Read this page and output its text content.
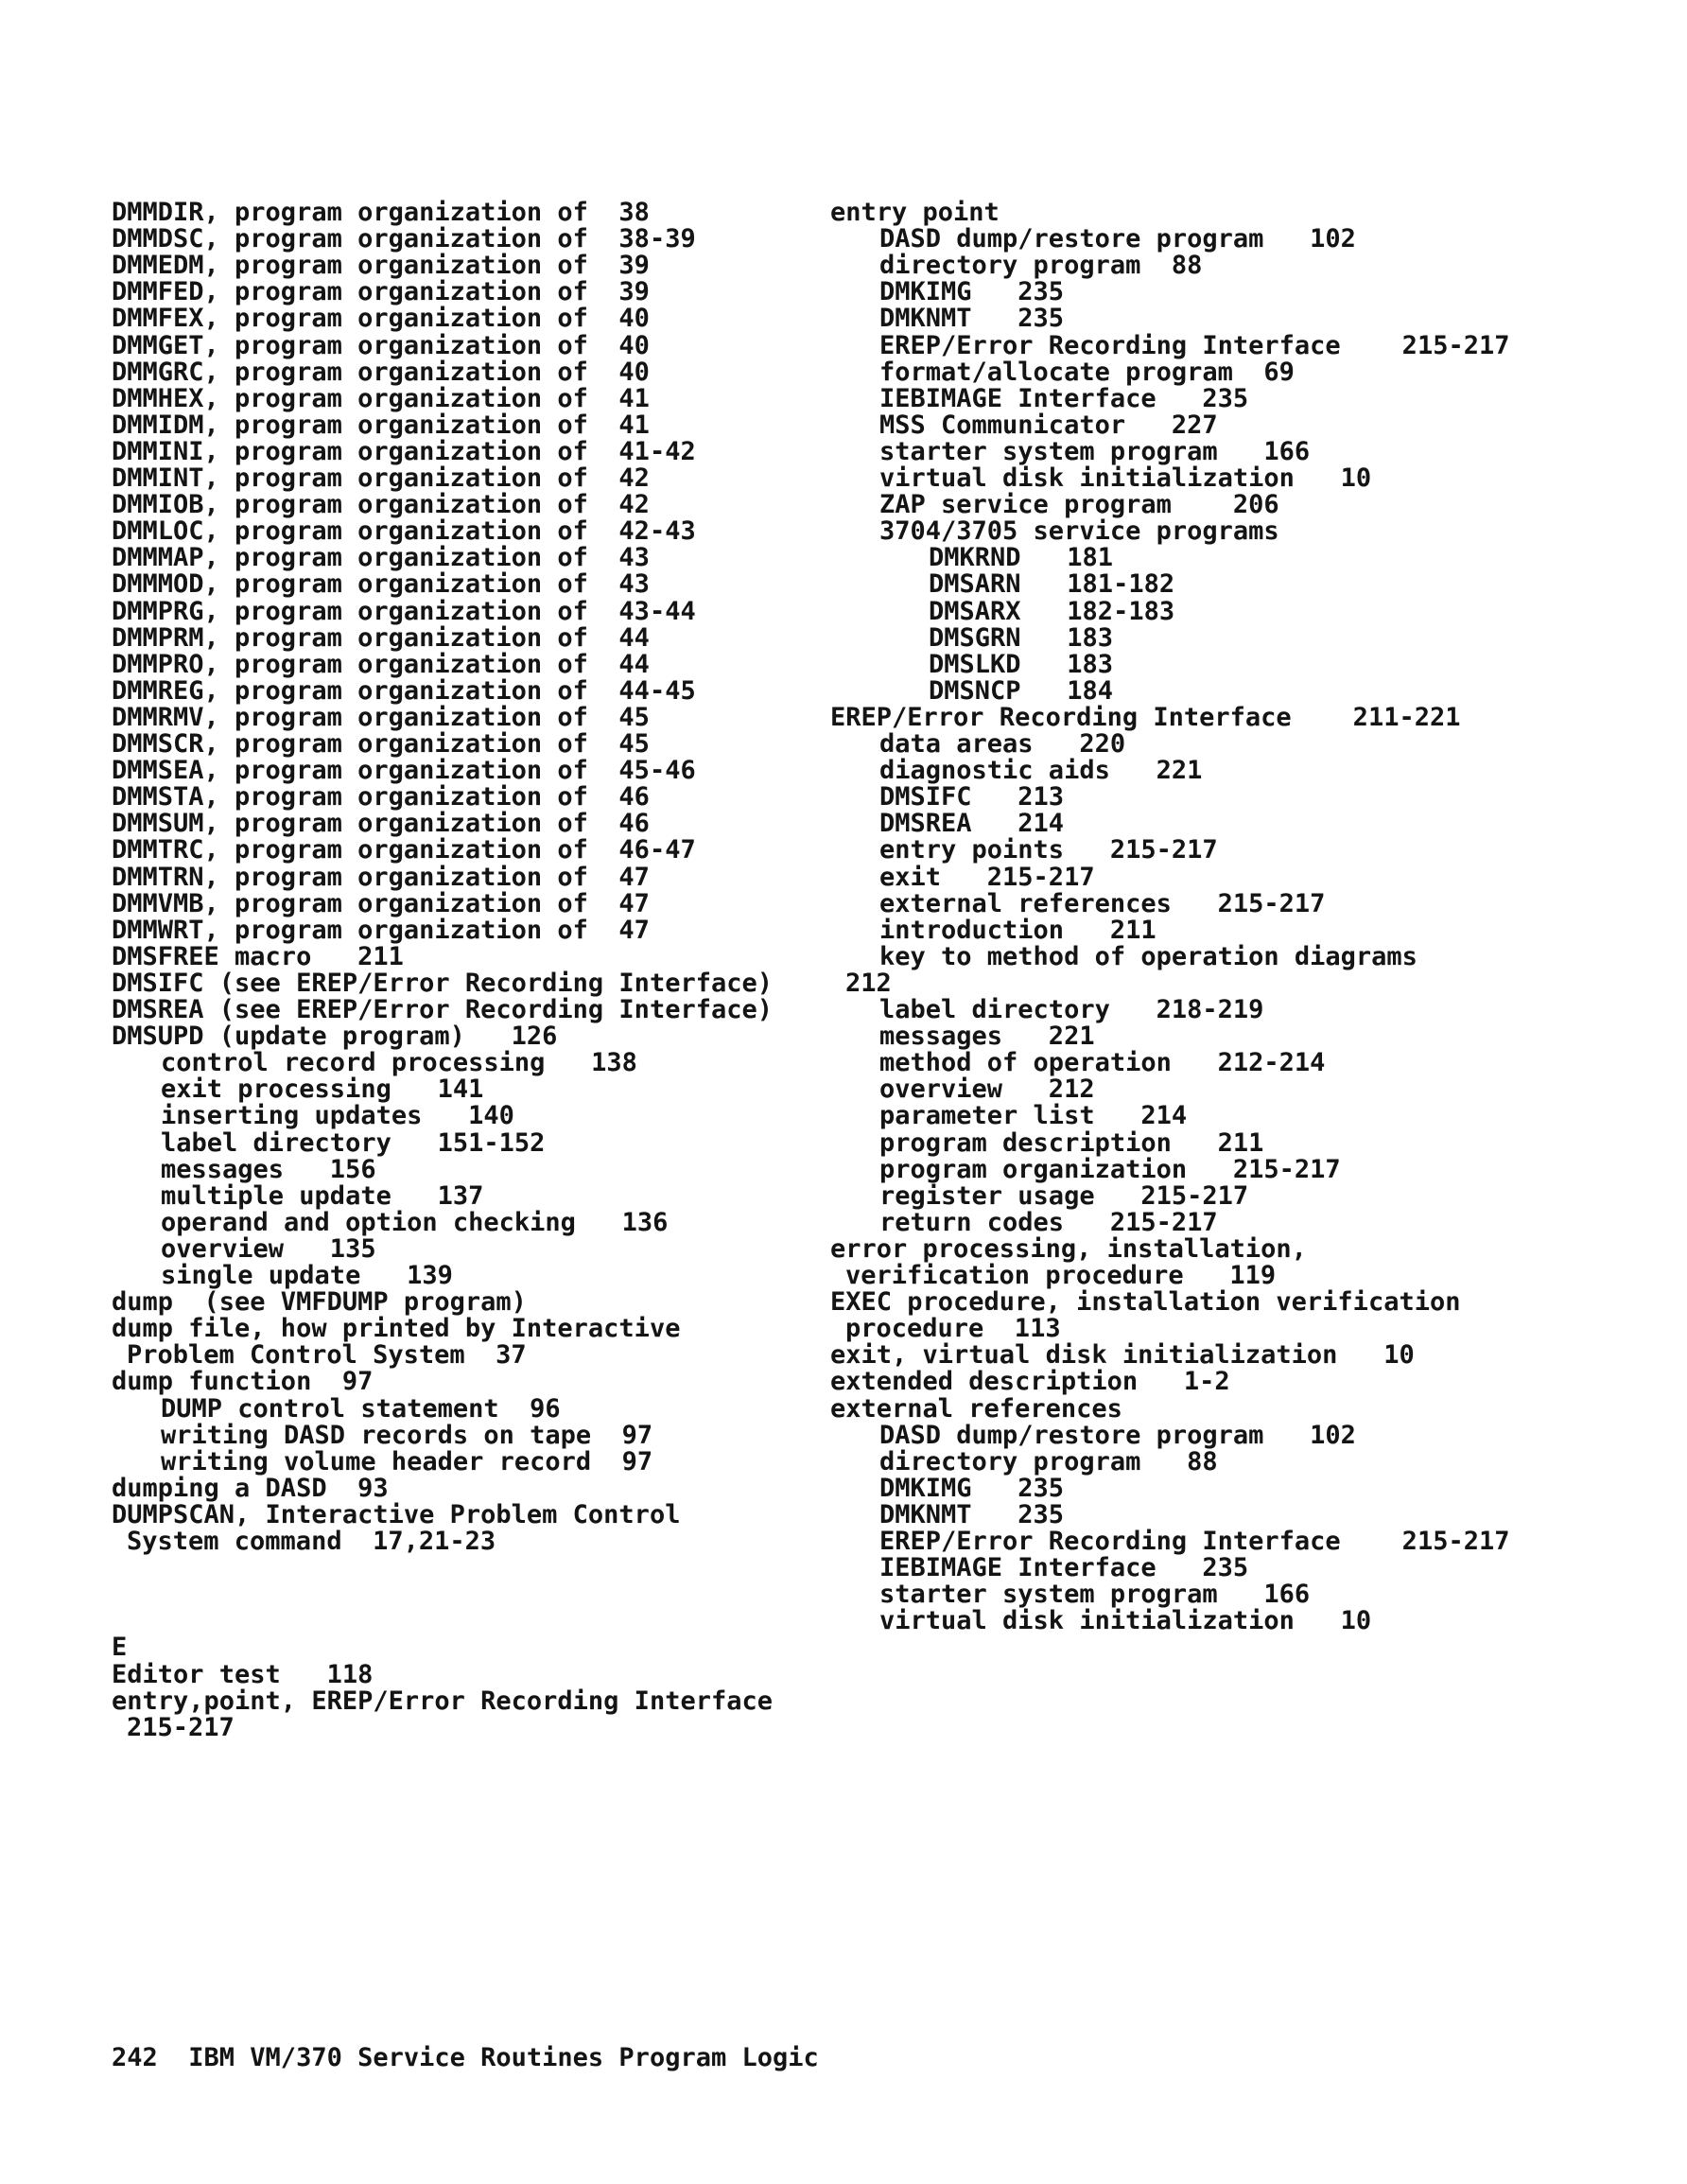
DMMDIR, program organization of  38
DMMDSC, program organization of  38-39
DMMEDM, program organization of  39
DMMFED, program organization of  39
DMMFEX, program organization of  40
DMMGET, program organization of  40
DMMGRC, program organization of  40
DMMHEX, program organization of  41
DMMIDM, program organization of  41
DMMINI, program organization of  41-42
DMMINT, program organization of  42
DMMIOB, program organization of  42
DMMLOC, program organization of  42-43
DMMMAP, program organization of  43
DMMMOD, program organization of  43
DMMPRG, program organization of  43-44
DMMPRM, program organization of  44
DMMPRO, program organization of  44
DMMREG, program organization of  44-45
DMMRMV, program organization of  45
DMMSCR, program organization of  45
DMMSEA, program organization of  45-46
DMMSTA, program organization of  46
DMMSUM, program organization of  46
DMMTRC, program organization of  46-47
DMMTRN, program organization of  47
DMMVMB, program organization of  47
DMMWRT, program organization of  47
DMSFREE macro   211
DMSIFC (see EREP/Error Recording Interface)
DMSREA (see EREP/Error Recording Interface)
DMSUPD (update program)   126
control record processing   138
exit processing   141
inserting updates   140
label directory   151-152
messages   156
multiple update   137
operand and option checking   136
overview   135
single update   139
dump  (see VMFDUMP program)
dump file, how printed by Interactive
Problem Control System  37
dump function  97
DUMP control statement  96
writing DASD records on tape  97
writing volume header record  97
dumping a DASD  93
DUMPSCAN, Interactive Problem Control
System command  17,21-23
E
Editor test   118
entry,point, EREP/Error Recording Interface
215-217
entry point
DASD dump/restore program   102
directory program  88
DMKIMG   235
DMKNMT   235
EREP/Error Recording Interface    215-217
format/allocate program  69
IEBIMAGE Interface   235
MSS Communicator   227
starter system program   166
virtual disk initialization   10
ZAP service program    206
3704/3705 service programs
DMKRND   181
DMSARN   181-182
DMSARX   182-183
DMSGRN   183
DMSLKD   183
DMSNCP   184
EREP/Error Recording Interface    211-221
data areas   220
diagnostic aids   221
DMSIFC   213
DMSREA   214
entry points   215-217
exit   215-217
external references   215-217
introduction   211
key to method of operation diagrams
212
label directory   218-219
messages   221
method of operation   212-214
overview   212
parameter list   214
program description   211
program organization   215-217
register usage   215-217
return codes   215-217
error processing, installation,
verification procedure   119
EXEC procedure, installation verification
procedure  113
exit, virtual disk initialization   10
extended description   1-2
external references
DASD dump/restore program   102
directory program   88
DMKIMG   235
DMKNMT   235
EREP/Error Recording Interface    215-217
IEBIMAGE Interface   235
starter system program   166
virtual disk initialization   10
242  IBM VM/370 Service Routines Program Logic
